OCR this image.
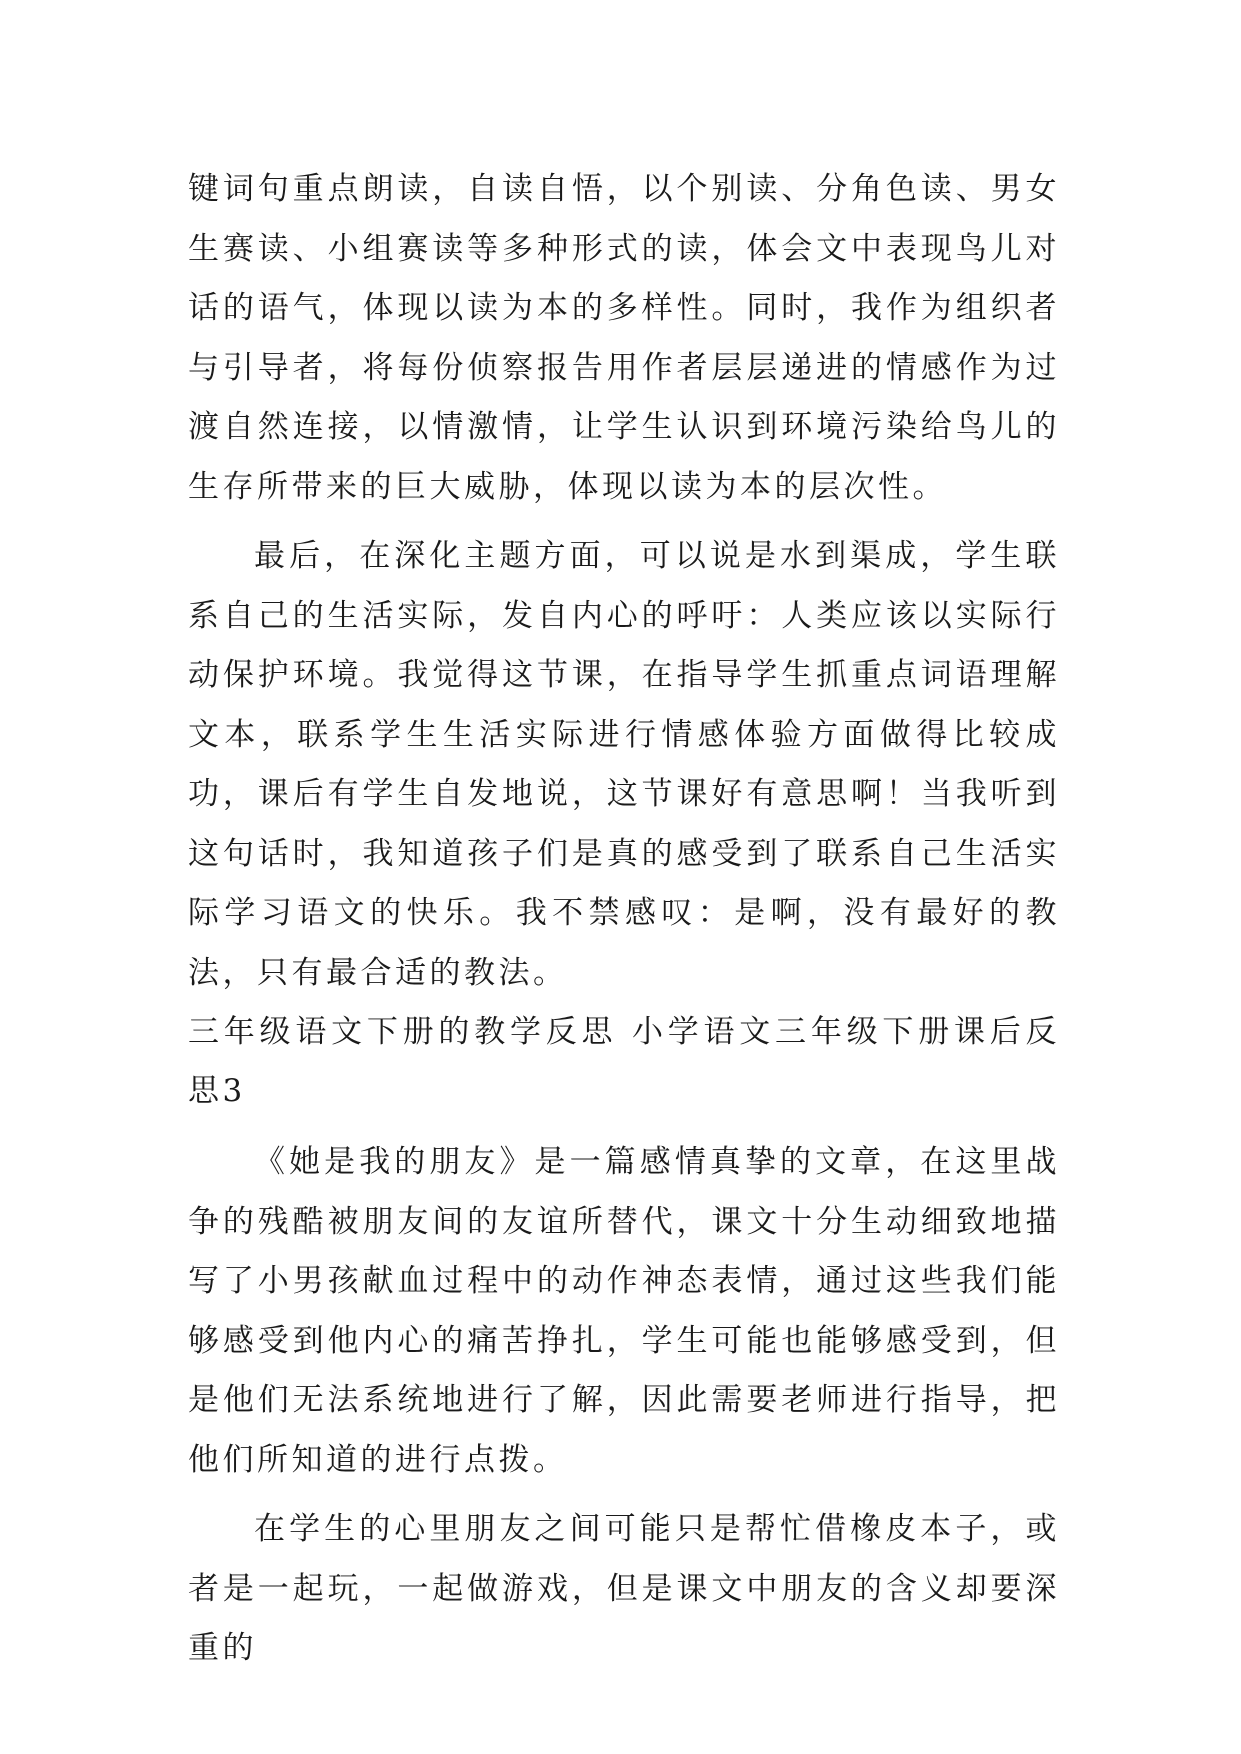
键词句重点朗读，自读自悟，以个别读、分角色读、男女生赛读、小组赛读等多种形式的读，体会文中表现鸟儿对话的语气，体现以读为本的多样性。同时，我作为组织者与引导者，将每份侦察报告用作者层层递进的情感作为过渡自然连接，以情激情，让学生认识到环境污染给鸟儿的生存所带来的巨大威胁，体现以读为本的层次性。

最后，在深化主题方面，可以说是水到渠成，学生联系自己的生活实际，发自内心的呼吁：人类应该以实际行动保护环境。我觉得这节课，在指导学生抓重点词语理解文本，联系学生生活实际进行情感体验方面做得比较成功，课后有学生自发地说，这节课好有意思啊！当我听到这句话时，我知道孩子们是真的感受到了联系自己生活实际学习语文的快乐。我不禁感叹：是啊，没有最好的教法，只有最合适的教法。

三年级语文下册的教学反思 小学语文三年级下册课后反思3

《她是我的朋友》是一篇感情真挚的文章，在这里战争的残酷被朋友间的友谊所替代，课文十分生动细致地描写了小男孩献血过程中的动作神态表情，通过这些我们能够感受到他内心的痛苦挣扎，学生可能也能够感受到，但是他们无法系统地进行了解，因此需要老师进行指导，把他们所知道的进行点拨。

在学生的心里朋友之间可能只是帮忙借橡皮本子，或者是一起玩，一起做游戏，但是课文中朋友的含义却要深重的
